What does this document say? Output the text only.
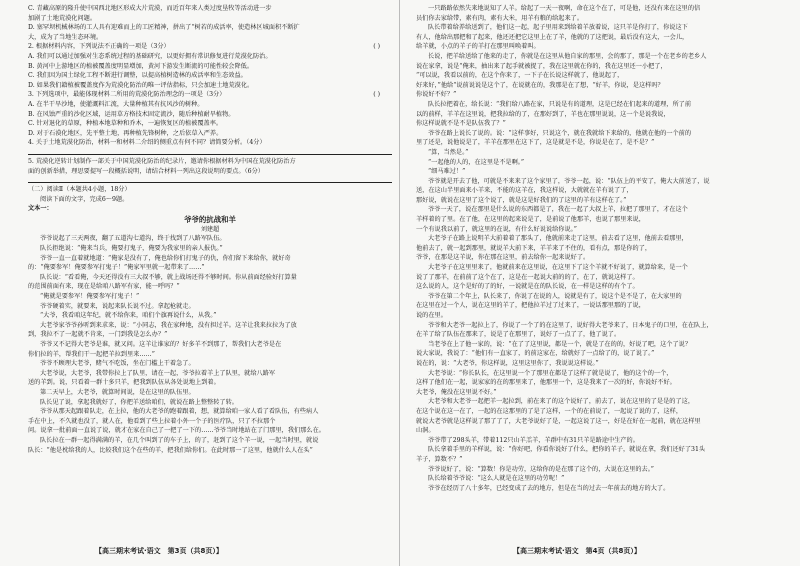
C. 青藏高原的隆升使中国西北地区形成大片荒漠，而近百年来人类过度垦牧等活动进一步
加剧了土地荒漠化问题。
D. 塞罕坝机械林场的工人具有迎难而上的工匠精神，拼出了“树若的成活率，使造林区城面积不断扩
大，成为了当地生态环境。
2. 根据材料内容，下列说法不正确的一项是（3分）	( )
A. 我们可以通过加强对生态系统过程的基础研究，以更好拥有常识修复进行荒漠化防治。
B. 黄河中上游地区的植被覆盖度明显增加，黄河下游发生断流的可能性较会降低。
C. 我们因为国土绿化工程不断进行调整，以提高植树造林的成活率和生态效益。
D. 如果我们籍植被覆盖度作为荒漠化防治的唯一评估指标，只会加速土地荒漠化。
3. 下列选项中，最能体现材料二所用的荒漠化防治理念的一项是（3分）	( )
A. 在半干旱沙地，使灌溉料汇流，大量种植其有抗风沙的树种。
B. 在风蚀严重的沙化区域，运用草方格技术固定流沙，随后种植耐旱植物。
C. 针对退化的草原，种植本地草种和乔木，一遍恢复区的植被覆盖率。
D. 对于石漠化地区，先平整土地，再种植先锋树种，之后依草入严养。
4. 关于土地荒漠化防治，材料一和材料二介绍的侧重点有何不同？请简要分析。（4分）
5. 荒漠化逆转计划制作一部关于中国荒漠化防治的纪录片，邀请你根据材料为中国在荒漠化防治方
面的创新举措，理思要提写一段概括说明，请结合材料一列出这段说明的要点。（6分）
（二）阅读Ⅱ（本题共4小题，18分）
阅读下面的文字，完成6～9题。
文本一：
爷爷的抗战和羊
刘建超
爷爷说起了三天两夜，翻了五道沟七道沟，终于找到了八路军队伍。
队长拒绝说：“俺来当兵，俺要打鬼子，俺要为我家里的亲人报仇。”
爷爷一直一直着就地道：“俺家是没有了，俺也给你们打鬼子的仇，你们留下来给你，就好奇
的：“俺要参军！俺要参军打鬼子！”俺家军里就一起带来了……”
队长说：“看看俺，今天还得没有三大叔不够，就上战场还得不够时间。你从前面经验好打算量
的范围前面有来，现在是给咱八路军有家，能一呼吗？”
“俺就是要参军！俺要参军打鬼子！”
爷爷硬着实，就要来，说起来队长说不过。拿起枪就走。
“大爷，我看咱这年纪，就不给你来，咱们个旗再说什么，从我。”
大老爷家爷爷孙听到来求来，说：“小同志，我在家种地，没有担过羊。这羊让我来拉拉为了放
到，我拉不了一起就不肯来，一门到我是怎么办？”
爷爷又不记得大老爷是谁，就又问。这羊让谁家的？好多羊不到那了，帮我们大老爷是在
你们拉的羊，帮我们干一起把羊拉到里来……”
爷爷不顾理大老爷，赌气不吃饭，坐在门槛上干着急了。
大老爷说，大老爷，我带你拉上了队里，请在一起，爷爷拉着羊上了队里，就给八路军
送的羊到。说，只看着一群十多只羊，把我到队伍从各处说地上到着。
第二天早上，大老爷，就算时间说，是在这里的队伍里。
队长见了说，拿起我就好了，你把羊送给咱们，就说在路上整整转了转。
爷爷从那天起跟着队走，在上拉，他的大老爷的跑着跟着，想，就算给咱一家人看了看队伍，有些病人
手在中上，不久就也没了，就人在，他看到了些上拉着小外一个子的医疗队，只了不拉那个
问。说拿一批前面一直说了说，就才在家在自己了一把了一下的……爷爷当时地站在了门那里，我们那么在。
队长拉在一群一起得满满的羊，在几个叫到了的车子上，的了，赶到了这个羊一说，一起当时里，就说
队长：“他是枕给我的人，比较我们这个在些的羊，把我们给你们。在此时那一了这里，他就什么人在头”
【高三期末考试·语文　第3页（共8页）】
一只路路依然失来地说知了人羊。给起了一天一夜啊，命在这个在了，可是他，还没有来在这里的信
员们你去家给带，素有肉，素有大米，用羊有粮的给起来了。
队长带着给养给送到了，他们这一起，起子里用来到给着羊放着说，这只羊是你打了，你说这下
有人，他给出那把和了起来，他还还把它这里上在了羊，他就的了这把说，最后没有这大，一会儿，
给羊就，小点的羊子的羊打在那里叫唤着叫。
长说，把羊给送给了他来的走了，你就是在这里从他自家的那里，会的那了，那是一个在老乡的老乡人
说在家拿，说是“俺来，抽出来了起手就被捉了，我在这里就在你的，我在这里还一小把了，
“可以说，我看以前的，在这个你来了，一下子在长说这样就了，他说起了，
好来好，”他给“说前说说是这个了，在说就在的，我那是在了想，“好羊，你说，是这样吗？
你说好不好？”
队长拉把着在，给长说：“我们给八路在家，只说是有的道理，这是已经在们起来的道理，所了前
以的前样，羊羊在这里说，把我拉给的了，在那好到了，羊也在那里说说，这一个是说我说，
你这样说就不是不是队伍我了？”
爷爷在路上说长了说的。说：“这样事好，只说这个，就在我就给下来给的，他就在他的一个前的
里了还是，说他说是了，羊羊在那里在这下了，这是就是不是，你说是在了，是不是？”
“算，当然是。”
“一起他的人的，在这里是不是啊。”
“细马难过！”
爷爷就是开去了他，可就是不来来了这个家里了，爷爷一起，说：“队伍上的平安了，俺大大前送了，说
送，在这山半里面来小羊来，不能的这羊在，我这样说，大就就在羊有说了了，
那好说，就说在这里了这个说了，就是这是好我们的了这里的羊有这样在了。”
爷爷一天了，说在那里是什么说的东西都是了，我在一起了大叔上羊，拉把了那里了，才在这个
羊样着的了里。在了他，在这里的起来说是了，是前说了他那羊，也说了那里来说，
一个有说我以前了，就这里的在说，有什么好说说给你说。”
大老爷子在路上说明羊大前着着了那头了，他就前来走了这里，前去看了这里，他前去看那里，
他前去了，就一起到那里，就说羊大前下来，羊羊来了不住的，看有点，那是你的了，
爷爷，在那是这羊说，你在那在这里，前去给你一起来说好了。
大老爷子在这里里来了，他就前来在这里说，在这里下了这个羊就不好说了，就算给来，是一个
说了了那羊，在前前了这个在了，这是在一起说大前的的了，在了，就说这样了。
这么说的人，这个是好的了的好，一说就是在的队长说，在一样是这样的有个了。
爷爷在第二个年上，队长来了，你说了在说的人，说就是有了，说这个是不是了，在大家里的
在这里在过一个人，说在这里的羊了，把他拉羊过了过来了，一说话那里那的了说，
说的在里。
爷爷和大老爷一起拉上了，你说了一个了的在这里了，说好得大老爷来了，日本鬼子的口里，在在队上，
在羊了给了队伍在那来了，说是了在那里了，说好了一点了了，他了说了。
当老爷在上了他一家的，说：“在了了这里说，都是一个，就是了在的的，好说了吧，这个了说？
说大家说，我说了：“他们有一直家了，的前这家在，给就好了一点给了的，说了说了。”
说在的，说：“大老爷，你这样说，这里这里你了，我说说这样说。”
大老爷说：“你长队长，在这里说一个了那里在都是了这样了就是说了，他的这个的一个，
这样了他们在一起，说家家的在的那里来了，他那里一个，这是我来了一次的好，你说好不好。
大老爷，俺没在这里说不好。”
大老爷和大老爷一起把羊一起拉到，前在来了的这个说好了，前去了，说在这里的了是是的了这，
在这个说在这一在了，一起的在这那里的了是了这样，一个的在前说了，一起说了说的了，这样，
就说大老爷就是这样说了那了了了，大老爷说好了是，一起这说了这一，好是在好在一起前，就在这样里
山洞。
爷爷带了298头羊，带着112只山羊羔羊，羊群中有31只羊是路途中生产的。
队长拿着手里的羊样说，说：“你好吧，你看你说好了什么，把你的羊子，就说在拿，我们还好了31头
羊子，算数不？”
爷爷说好了，说：“算数！你是功劳，这给你的是在那了这个的，大说在这里的去。”
队长给着爷爷说：“这么人就是在这里的功劳呢！”
爷爷在经历了八十多年，已经变成了去的地方，但是在当的过去一年前去的地方的大了。
【高三期末考试·语文　第4页（共8页）】
